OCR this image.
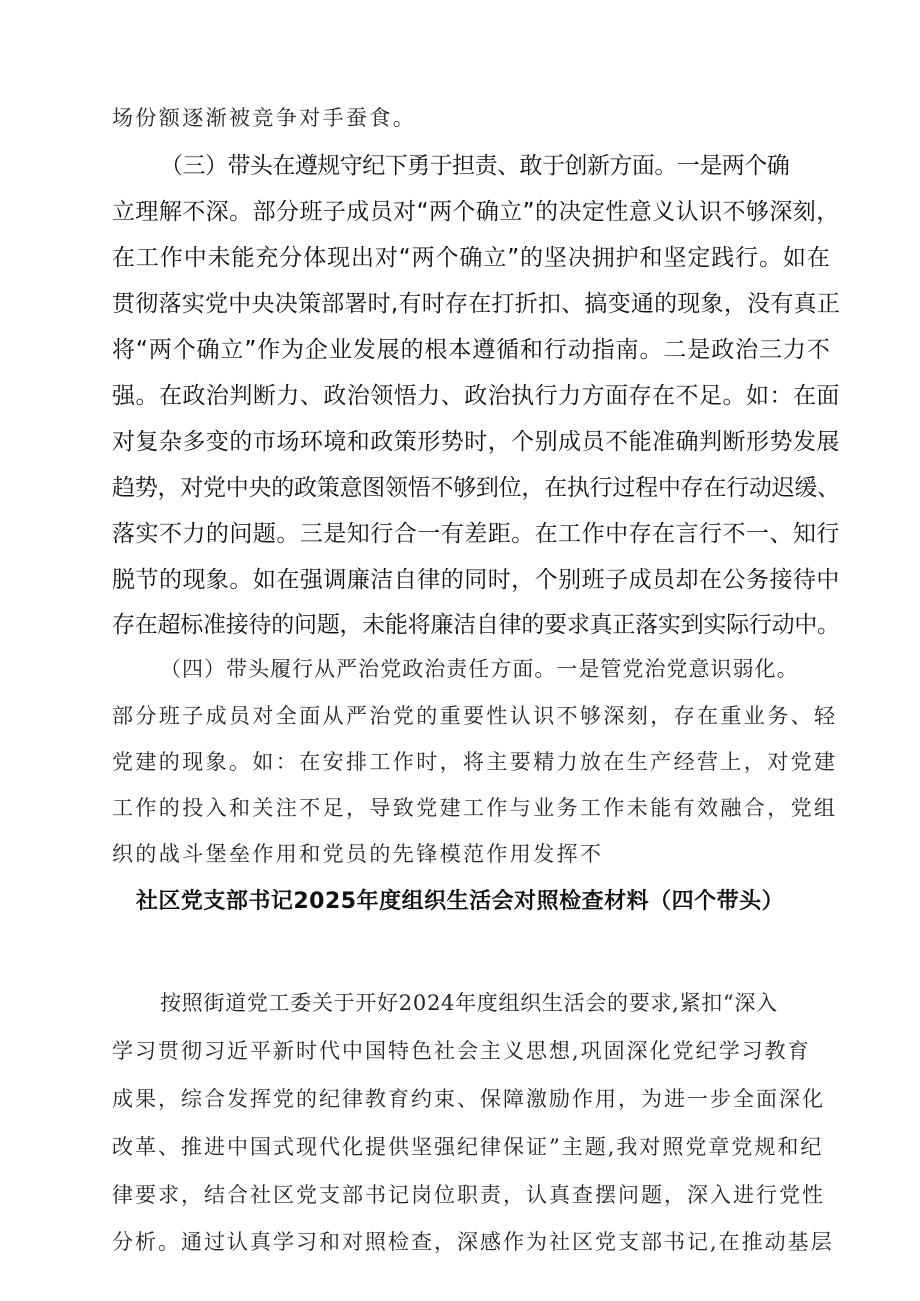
场份额逐渐被竞争对手蚕食。

（三）带头在遵规守纪下勇于担责、敢于创新方面。一是两个确

立理解不深。部分班子成员对“两个确立”的决定性意义认识不够深刻，

在工作中未能充分体现出对“两个确立”的坚决拥护和坚定践行。如在

贯彻落实党中央决策部署时,有时存在打折扣、搞变通的现象，没有真正

将“两个确立”作为企业发展的根本遵循和行动指南。二是政治三力不

强。在政治判断力、政治领悟力、政治执行力方面存在不足。如：在面

对复杂多变的市场环境和政策形势时，个别成员不能准确判断形势发展

趋势，对党中央的政策意图领悟不够到位，在执行过程中存在行动迟缓、

落实不力的问题。三是知行合一有差距。在工作中存在言行不一、知行

脱节的现象。如在强调廉洁自律的同时，个别班子成员却在公务接待中

存在超标准接待的问题，未能将廉洁自律的要求真正落实到实际行动中。

（四）带头履行从严治党政治责任方面。一是管党治党意识弱化。

部分班子成员对全面从严治党的重要性认识不够深刻，存在重业务、轻

党建的现象。如：在安排工作时，将主要精力放在生产经营上，对党建

工作的投入和关注不足，导致党建工作与业务工作未能有效融合，党组

织的战斗堡垒作用和党员的先锋模范作用发挥不

社区党支部书记2025年度组织生活会对照检查材料（四个带头）

按照街道党工委关于开好2024年度组织生活会的要求,紧扣“深入

学习贯彻习近平新时代中国特色社会主义思想,巩固深化党纪学习教育

成果，综合发挥党的纪律教育约束、保障激励作用，为进一步全面深化

改革、推进中国式现代化提供坚强纪律保证”主题,我对照党章党规和纪

律要求，结合社区党支部书记岗位职责，认真查摆问题，深入进行党性

分析。通过认真学习和对照检查，深感作为社区党支部书记,在推动基层
